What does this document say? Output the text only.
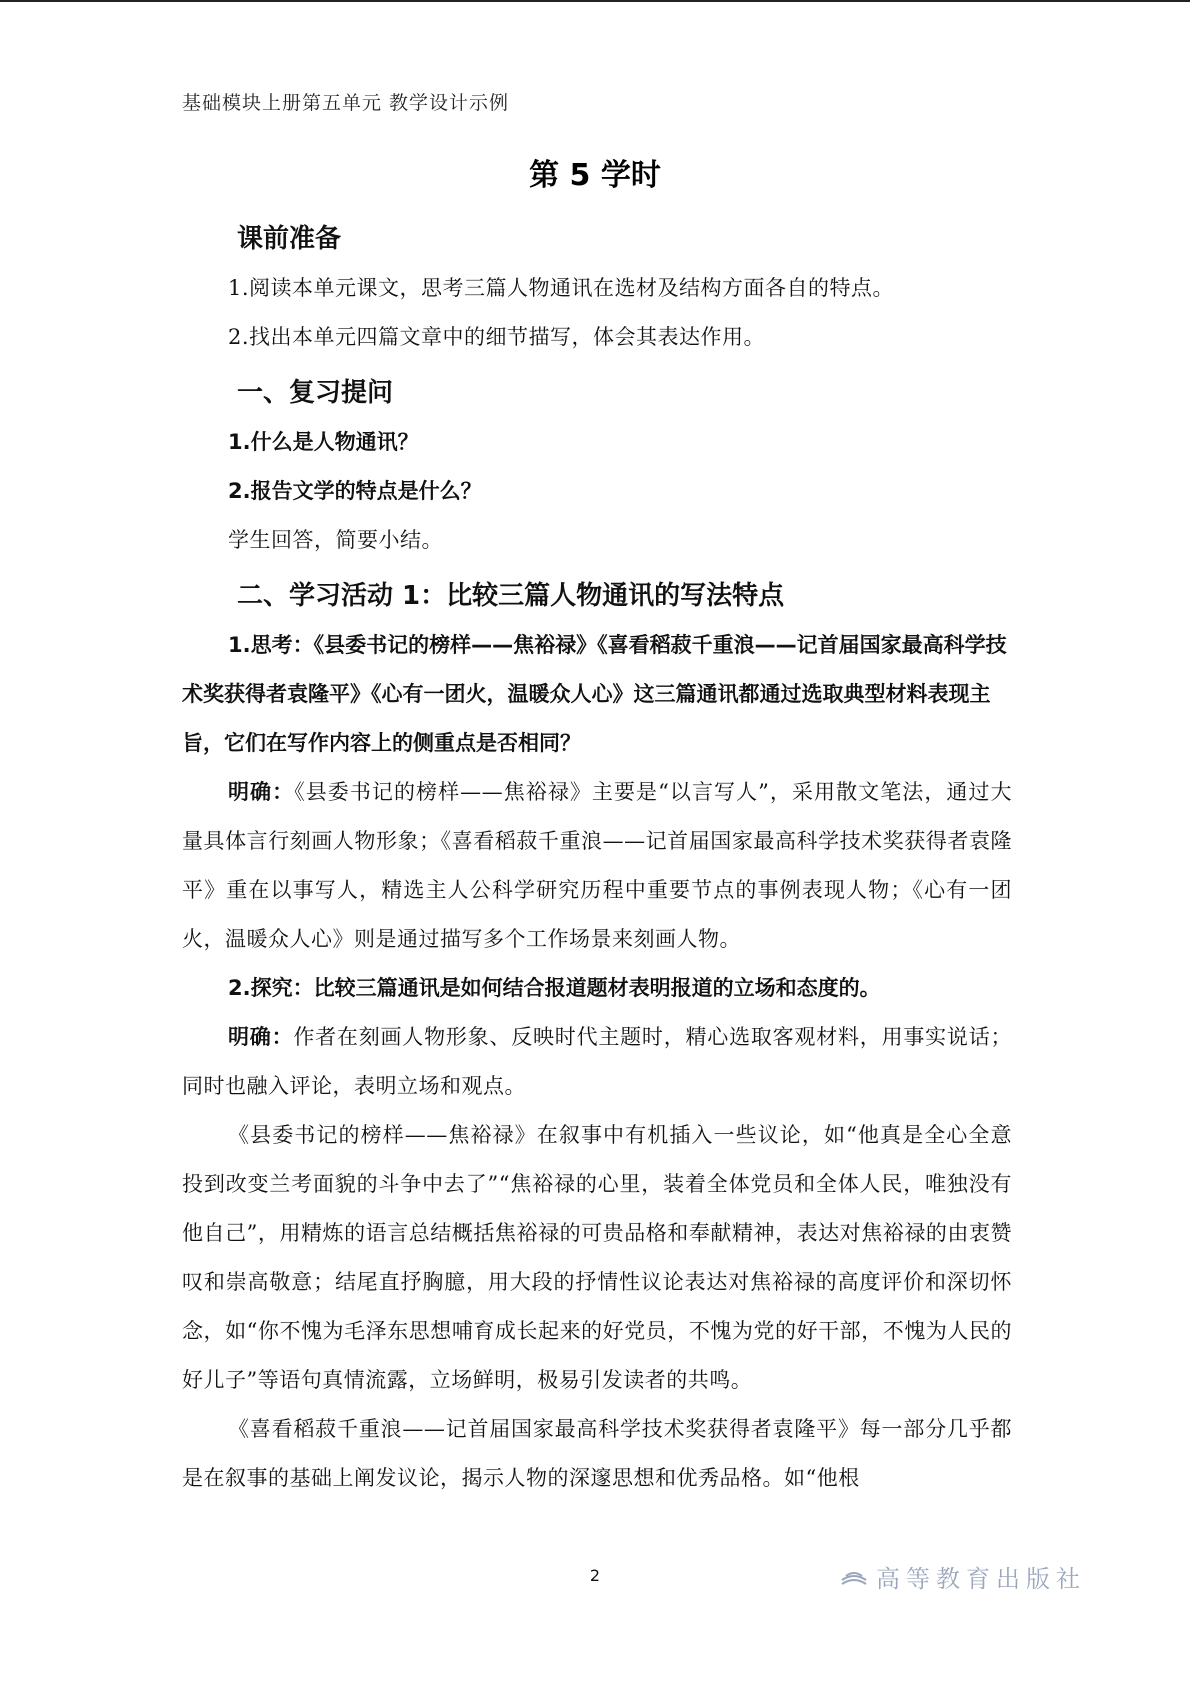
基础模块上册第五单元 教学设计示例
第 5 学时
课前准备

1.阅读本单元课文，思考三篇人物通讯在选材及结构方面各自的特点。

2.找出本单元四篇文章中的细节描写，体会其表达作用。

一、复习提问

1.什么是人物通讯？

2.报告文学的特点是什么？

学生回答，简要小结。

二、学习活动 1：比较三篇人物通讯的写法特点

1.思考：《县委书记的榜样——焦裕禄》《喜看稻菽千重浪——记首届国家最高科学技术奖获得者袁隆平》《心有一团火，温暖众人心》这三篇通讯都通过选取典型材料表现主旨，它们在写作内容上的侧重点是否相同？

明确：《县委书记的榜样——焦裕禄》主要是“以言写人”，采用散文笔法，通过大量具体言行刻画人物形象；《喜看稻菽千重浪——记首届国家最高科学技术奖获得者袁隆平》重在以事写人，精选主人公科学研究历程中重要节点的事例表现人物；《心有一团火，温暖众人心》则是通过描写多个工作场景来刻画人物。

2.探究：比较三篇通讯是如何结合报道题材表明报道的立场和态度的。

明确：作者在刻画人物形象、反映时代主题时，精心选取客观材料，用事实说话；同时也融入评论，表明立场和观点。

《县委书记的榜样——焦裕禄》在叙事中有机插入一些议论，如“他真是全心全意投到改变兰考面貌的斗争中去了”“焦裕禄的心里，装着全体党员和全体人民，唯独没有他自己”，用精炼的语言总结概括焦裕禄的可贵品格和奉献精神，表达对焦裕禄的由衷赞叹和崇高敬意；结尾直抒胸臆，用大段的抒情性议论表达对焦裕禄的高度评价和深切怀念，如“你不愧为毛泽东思想哺育成长起来的好党员，不愧为党的好干部，不愧为人民的好儿子”等语句真情流露，立场鲜明，极易引发读者的共鸣。

《喜看稻菽千重浪——记首届国家最高科学技术奖获得者袁隆平》每一部分几乎都是在叙事的基础上阐发议论，揭示人物的深邃思想和优秀品格。如“他根

2	高等教育出版社
